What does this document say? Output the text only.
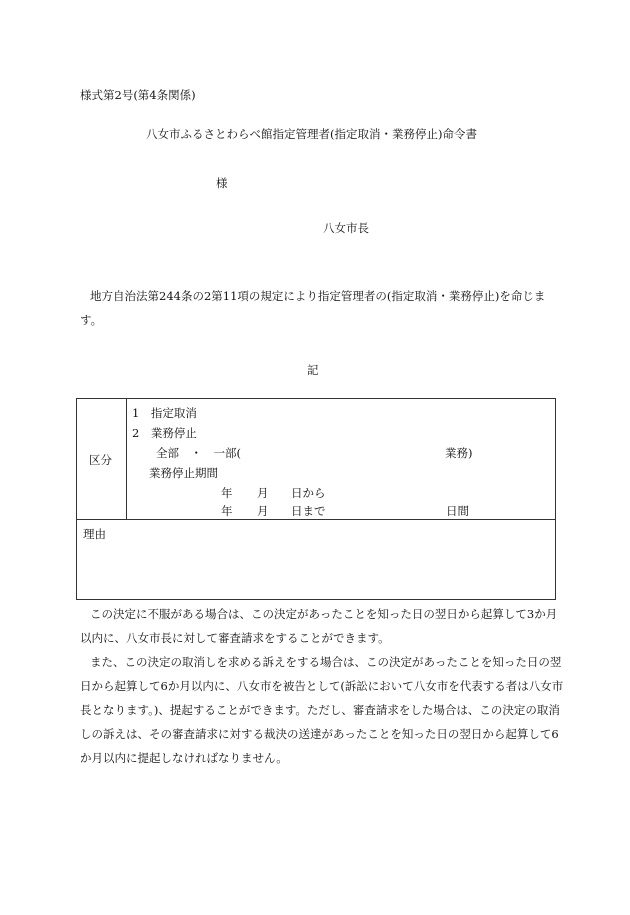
様式第2号(第4条関係)
八女市ふるさとわらべ館指定管理者(指定取消・業務停止)命令書
様
八女市長
地方自治法第244条の2第11項の規定により指定管理者の(指定取消・業務停止)を命じます。
記
区分
1　指定取消
2　業務停止
全部　・　一部(	業務)
業務停止期間
年 月 日から
年 月 日まで	日間
理由

この決定に不服がある場合は、この決定があったことを知った日の翌日から起算して3か月以内に、八女市長に対して審査請求をすることができます。

また、この決定の取消しを求める訴えをする場合は、この決定があったことを知った日の翌日から起算して6か月以内に、八女市を被告として(訴訟において八女市を代表する者は八女市長となります。)、提起することができます。ただし、審査請求をした場合は、この決定の取消しの訴えは、その審査請求に対する裁決の送達があったことを知った日の翌日から起算して6か月以内に提起しなければなりません。
